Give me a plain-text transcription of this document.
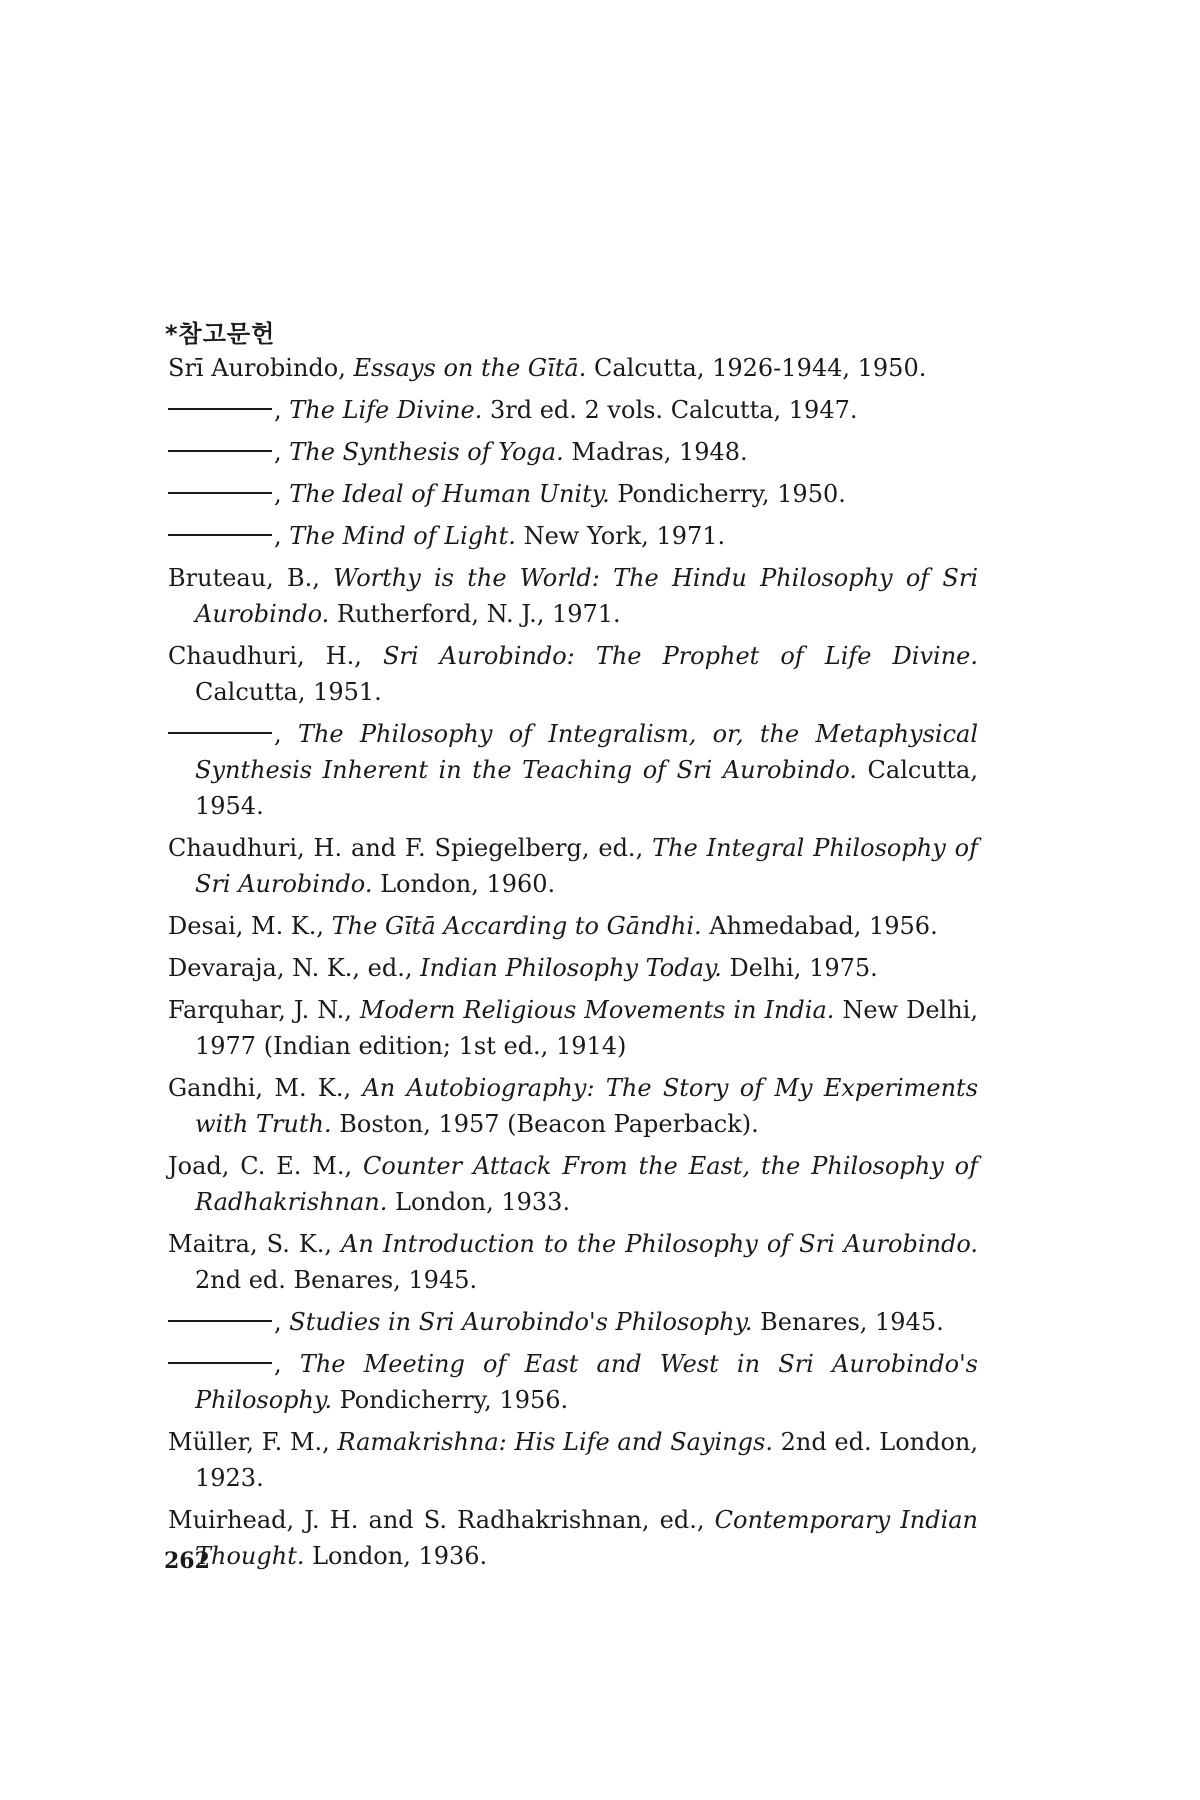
*참고문헌

Srī Aurobindo, Essays on the Gītā. Calcutta, 1926-1944, 1950.

, The Life Divine. 3rd ed. 2 vols. Calcutta, 1947.

, The Synthesis of Yoga. Madras, 1948.

, The Ideal of Human Unity. Pondicherry, 1950.

, The Mind of Light. New York, 1971.

Bruteau, B., Worthy is the World: The Hindu Philosophy of Sri Aurobindo. Rutherford, N. J., 1971.

Chaudhuri, H., Sri Aurobindo: The Prophet of Life Divine. Calcutta, 1951.

, The Philosophy of Integralism, or, the Metaphysical Synthesis Inherent in the Teaching of Sri Aurobindo. Calcutta, 1954.

Chaudhuri, H. and F. Spiegelberg, ed., The Integral Philosophy of Sri Aurobindo. London, 1960.

Desai, M. K., The Gītā Accarding to Gāndhi. Ahmedabad, 1956.

Devaraja, N. K., ed., Indian Philosophy Today. Delhi, 1975.

Farquhar, J. N., Modern Religious Movements in India. New Delhi, 1977 (Indian edition; 1st ed., 1914)

Gandhi, M. K., An Autobiography: The Story of My Experiments with Truth. Boston, 1957 (Beacon Paperback).

Joad, C. E. M., Counter Attack From the East, the Philosophy of Radhakrishnan. London, 1933.

Maitra, S. K., An Introduction to the Philosophy of Sri Aurobindo. 2nd ed. Benares, 1945.

, Studies in Sri Aurobindo's Philosophy. Benares, 1945.

, The Meeting of East and West in Sri Aurobindo's Philosophy. Pondicherry, 1956.

Müller, F. M., Ramakrishna: His Life and Sayings. 2nd ed. London, 1923.

Muirhead, J. H. and S. Radhakrishnan, ed., Contemporary Indian Thought. London, 1936.

262
